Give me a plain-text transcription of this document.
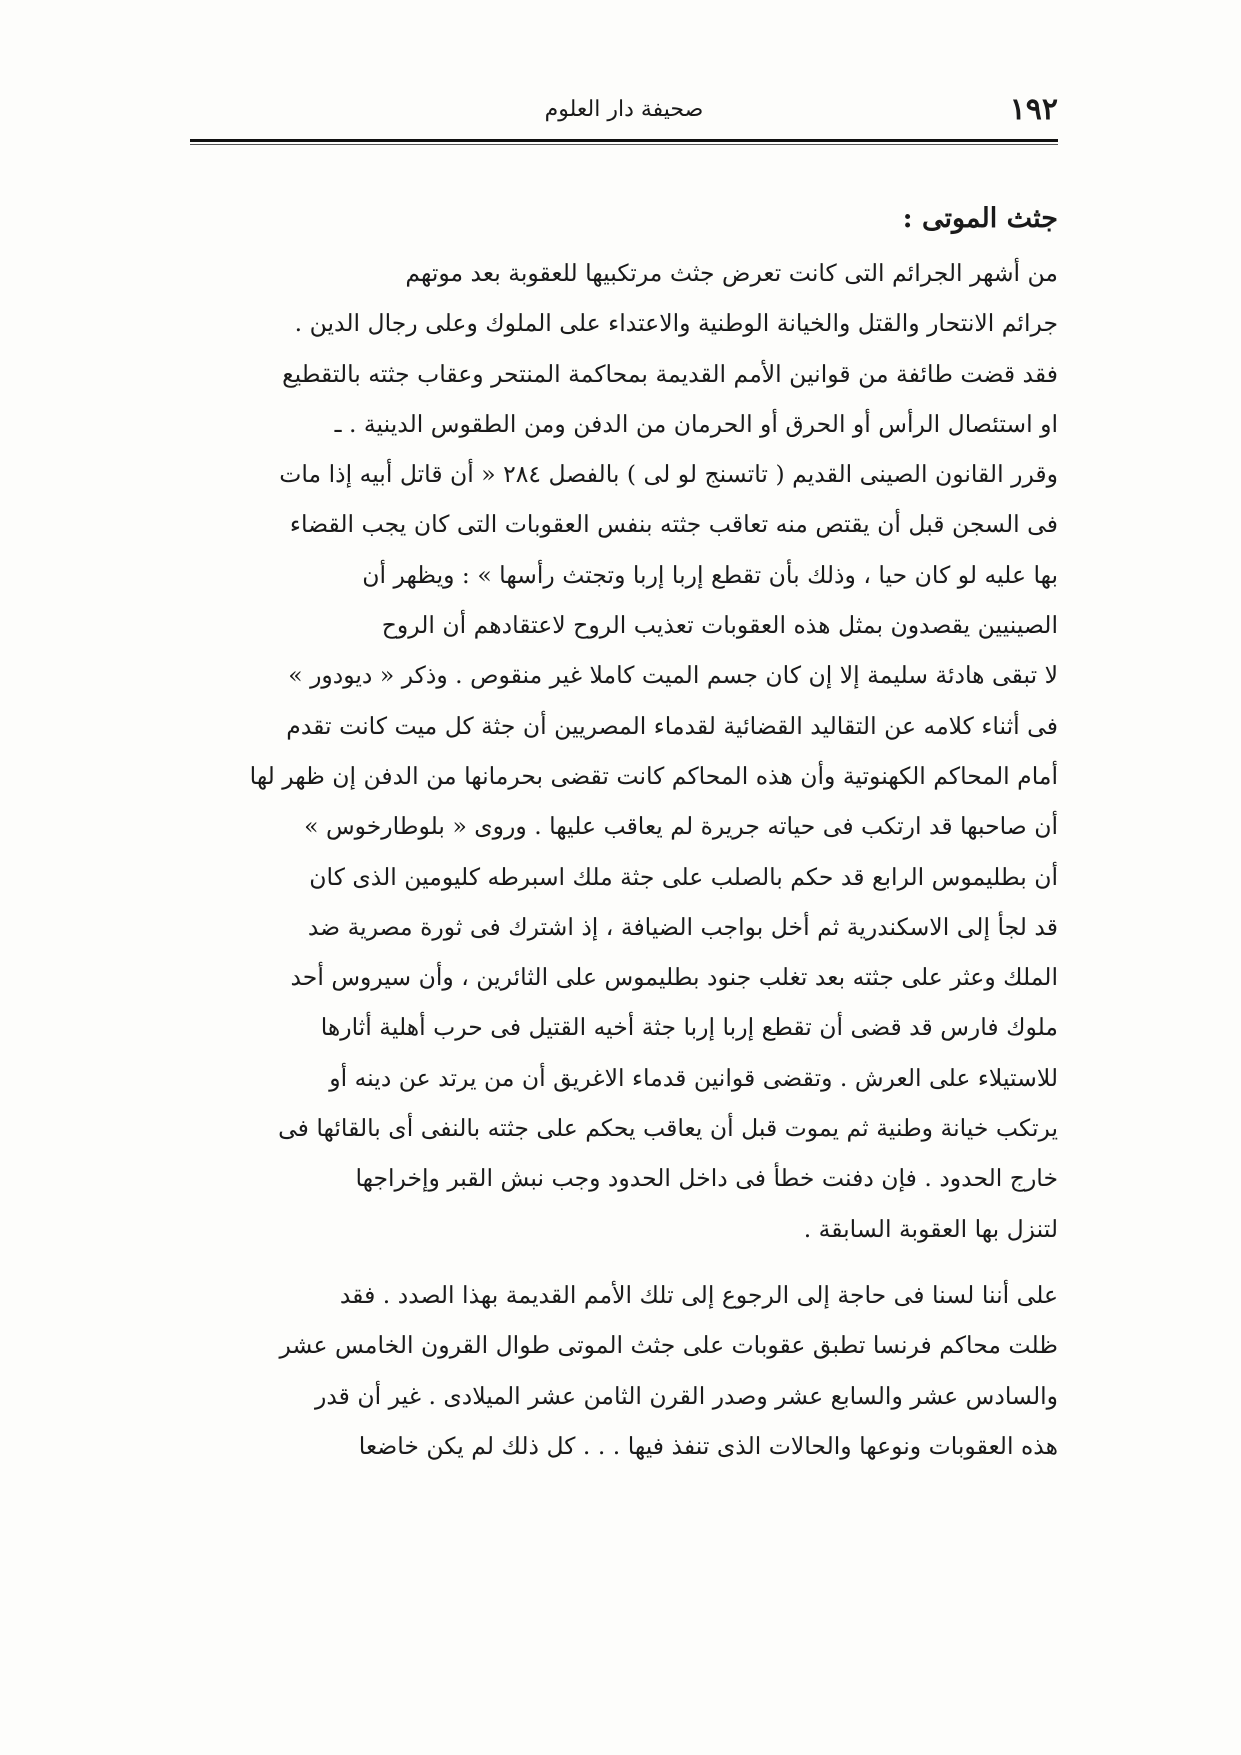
١٩٢
صحيفة دار العلوم
جثث الموتى :

من أشهر الجرائم التى كانت تعرض جثث مرتكبيها للعقوبة بعد موتهم
جرائم الانتحار والقتل والخيانة الوطنية والاعتداء على الملوك وعلى رجال الدين .
فقد قضت طائفة من قوانين الأمم القديمة بمحاكمة المنتحر وعقاب جثته بالتقطيع
او استئصال الرأس أو الحرق أو الحرمان من الدفن ومن الطقوس الدينية . ـ
وقرر القانون الصينى القديم ( تاتسنج لو لى ) بالفصل ٢٨٤ « أن قاتل أبيه إذا مات
فى السجن قبل أن يقتص منه تعاقب جثته بنفس العقوبات التى كان يجب القضاء
بها عليه لو كان حيا ، وذلك بأن تقطع إربا إربا وتجتث رأسها » : ويظهر أن
الصينيين يقصدون بمثل هذه العقوبات تعذيب الروح لاعتقادهم أن الروح
لا تبقى هادئة سليمة إلا إن كان جسم الميت كاملا غير منقوص . وذكر « ديودور »
فى أثناء كلامه عن التقاليد القضائية لقدماء المصريين أن جثة كل ميت كانت تقدم
أمام المحاكم الكهنوتية وأن هذه المحاكم كانت تقضى بحرمانها من الدفن إن ظهر لها
أن صاحبها قد ارتكب فى حياته جريرة لم يعاقب عليها . وروى « بلوطارخوس »
أن بطليموس الرابع قد حكم بالصلب على جثة ملك اسبرطه كليومين الذى كان
قد لجأ إلى الاسكندرية ثم أخل بواجب الضيافة ، إذ اشترك فى ثورة مصرية ضد
الملك وعثر على جثته بعد تغلب جنود بطليموس على الثائرين ، وأن سيروس أحد
ملوك فارس قد قضى أن تقطع إربا إربا جثة أخيه القتيل فى حرب أهلية أثارها
للاستيلاء على العرش . وتقضى قوانين قدماء الاغريق أن من يرتد عن دينه أو
يرتكب خيانة وطنية ثم يموت قبل أن يعاقب يحكم على جثته بالنفى أى بالقائها فى
خارج الحدود . فإن دفنت خطأ فى داخل الحدود وجب نبش القبر وإخراجها
لتنزل بها العقوبة السابقة .

على أننا لسنا فى حاجة إلى الرجوع إلى تلك الأمم القديمة بهذا الصدد . فقد
ظلت محاكم فرنسا تطبق عقوبات على جثث الموتى طوال القرون الخامس عشر
والسادس عشر والسابع عشر وصدر القرن الثامن عشر الميلادى . غير أن قدر
هذه العقوبات ونوعها والحالات الذى تنفذ فيها . . . كل ذلك لم يكن خاضعا
